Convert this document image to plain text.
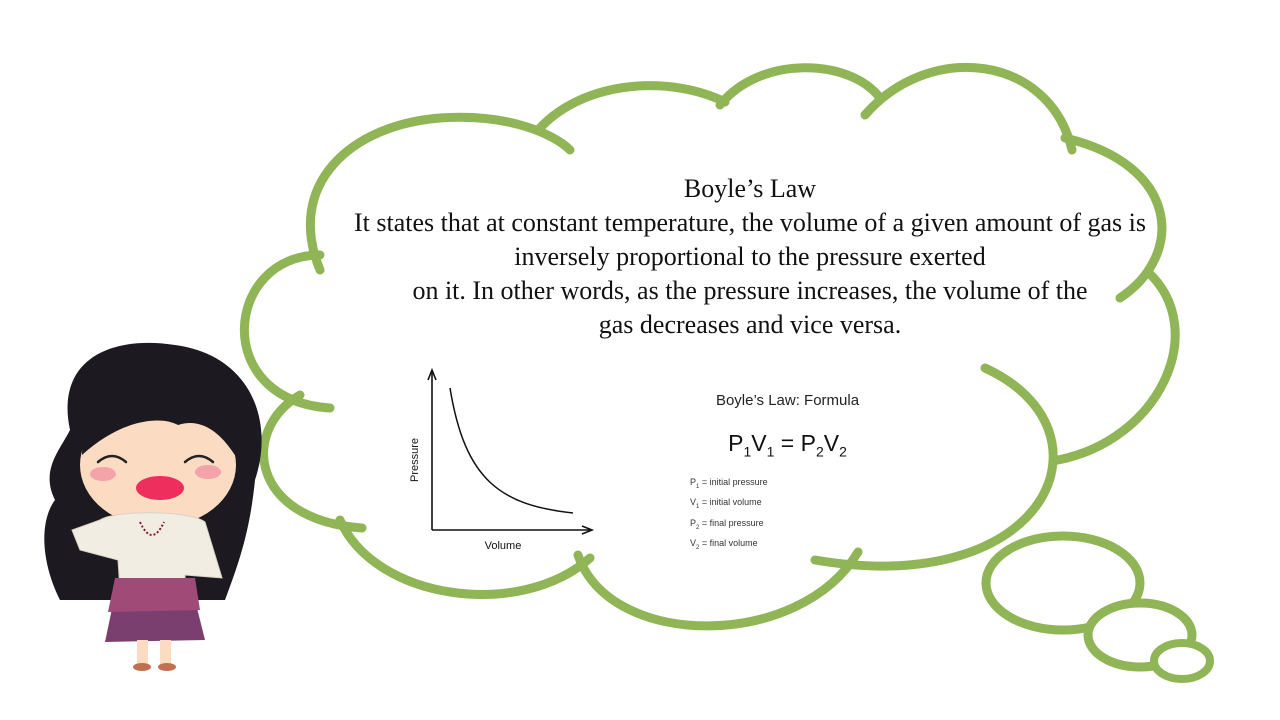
Pressure
Volume
Boyle’s Law
It states that at constant temperature, the volume of a given amount of gas is
inversely proportional to the pressure exerted
on it. In other words, as the pressure increases, the volume of the
gas decreases and vice versa.
Boyle’s Law: Formula
$P_1V_1 = P_2V_2$
$P_1$ = initial pressure
$V_1$ = initial volume
$P_2$ = final pressure
$V_2$ = final volume
